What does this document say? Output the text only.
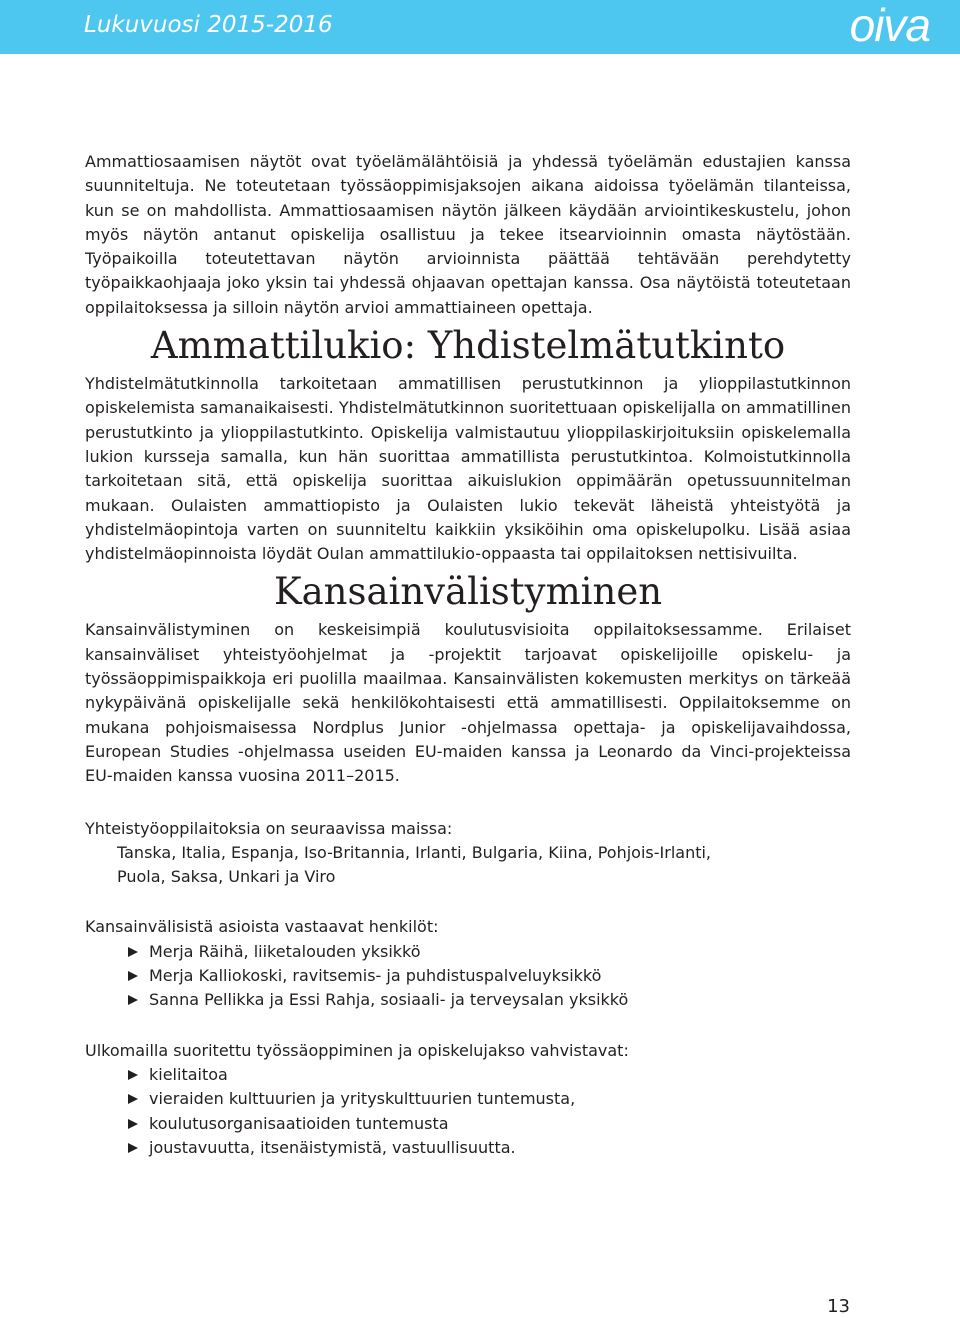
Lukuvuosi 2015-2016	oiva

Ammattiosaamisen näytöt ovat työelämälähtöisiä ja yhdessä työelämän edustajien kanssa suunniteltuja. Ne toteutetaan työssäoppimisjaksojen aikana aidoissa työelämän tilanteissa, kun se on mahdollista. Ammattiosaamisen näytön jälkeen käydään arviointikeskustelu, johon myös näytön antanut opiskelija osallistuu ja tekee itsearvioinnin omasta näytöstään. Työpaikoilla toteutettavan näytön arvioinnista päättää tehtävään perehdytetty työpaikkaohjaaja joko yksin tai yhdessä ohjaavan opettajan kanssa. Osa näytöistä toteutetaan oppilaitoksessa ja silloin näytön arvioi ammattiaineen opettaja.

Ammattilukio: Yhdistelmätutkinto

Yhdistelmätutkinnolla tarkoitetaan ammatillisen perustutkinnon ja ylioppilastutkinnon opiskelemista samanaikaisesti. Yhdistelmätutkinnon suoritettuaan opiskelijalla on ammatillinen perustutkinto ja ylioppilastutkinto. Opiskelija valmistautuu ylioppilaskirjoituksiin opiskelemalla lukion kursseja samalla, kun hän suorittaa ammatillista perustutkintoa. Kolmoistutkinnolla tarkoitetaan sitä, että opiskelija suorittaa aikuislukion oppimäärän opetussuunnitelman mukaan. Oulaisten ammattiopisto ja Oulaisten lukio tekevät läheistä yhteistyötä ja yhdistelmäopintoja varten on suunniteltu kaikkiin yksiköihin oma opiskelupolku. Lisää asiaa yhdistelmäopinnoista löydät Oulan ammattilukio-oppaasta tai oppilaitoksen nettisivuilta.

Kansainvälistyminen

Kansainvälistyminen on keskeisimpiä koulutusvisioita oppilaitoksessamme. Erilaiset kansainväliset yhteistyöohjelmat ja -projektit tarjoavat opiskelijoille opiskelu- ja työssäoppimispaikkoja eri puolilla maailmaa. Kansainvälisten kokemusten merkitys on tärkeää nykypäivänä opiskelijalle sekä henkilökohtaisesti että ammatillisesti. Oppilaitoksemme on mukana pohjoismaisessa Nordplus Junior -ohjelmassa opettaja- ja opiskelijavaihdossa, European Studies -ohjelmassa useiden EU-maiden kanssa ja Leonardo da Vinci-projekteissa EU-maiden kanssa vuosina 2011–2015.

Yhteistyöoppilaitoksia on seuraavissa maissa:

Tanska, Italia, Espanja, Iso-Britannia, Irlanti, Bulgaria, Kiina, Pohjois-Irlanti,

Puola, Saksa, Unkari ja Viro

Kansainvälisistä asioista vastaavat henkilöt:

Merja Räihä, liiketalouden yksikkö
Merja Kalliokoski, ravitsemis- ja puhdistuspalveluyksikkö
Sanna Pellikka ja Essi Rahja, sosiaali- ja terveysalan yksikkö

Ulkomailla suoritettu työssäoppiminen ja opiskelujakso vahvistavat:

kielitaitoa
vieraiden kulttuurien ja yrityskulttuurien tuntemusta,
koulutusorganisaatioiden tuntemusta
joustavuutta, itsenäistymistä, vastuullisuutta.
13
